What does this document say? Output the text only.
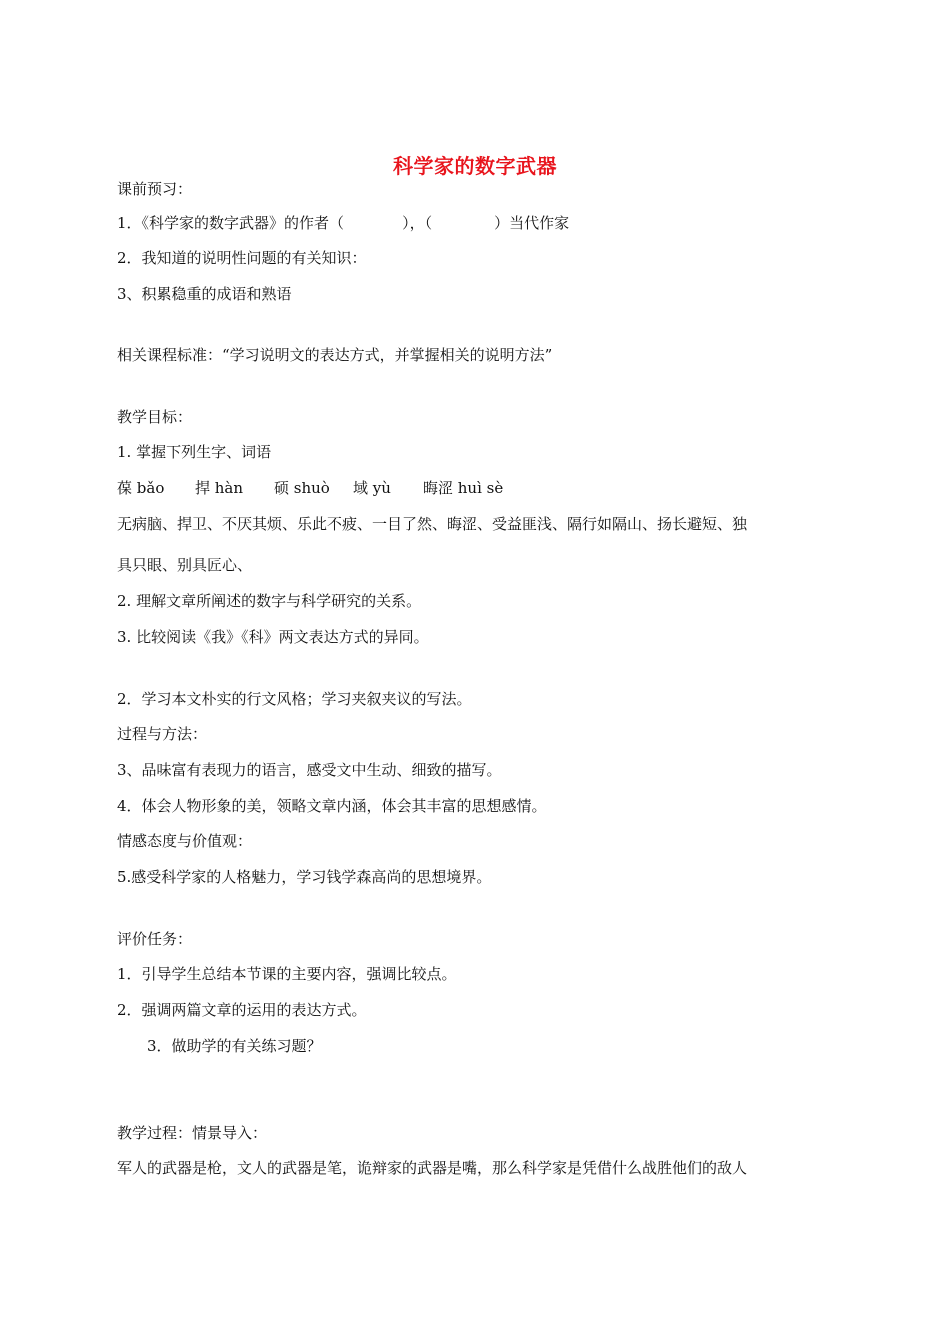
科学家的数字武器
课前预习：
1．《科学家的数字武器》的作者（	），（	）当代作家
2．我知道的说明性问题的有关知识：
3、积累稳重的成语和熟语
相关课程标准：“学习说明文的表达方式，并掌握相关的说明方法”
教学目标：
1. 掌握下列生字、词语
葆 bǎo 捍 hàn 硕 shuò 域 yù 晦涩 huì sè
无病脑、捍卫、不厌其烦、乐此不疲、一目了然、晦涩、受益匪浅、隔行如隔山、扬长避短、独
具只眼、别具匠心、
2. 理解文章所阐述的数字与科学研究的关系。
3. 比较阅读《我》《科》两文表达方式的异同。
2．学习本文朴实的行文风格；学习夹叙夹议的写法。
过程与方法：
3、品味富有表现力的语言，感受文中生动、细致的描写。
4．体会人物形象的美，领略文章内涵，体会其丰富的思想感情。
情感态度与价值观：
5.感受科学家的人格魅力，学习钱学森高尚的思想境界。
评价任务：
1．引导学生总结本节课的主要内容，强调比较点。
2．强调两篇文章的运用的表达方式。
3．做助学的有关练习题？
教学过程：情景导入：
军人的武器是枪，文人的武器是笔，诡辩家的武器是嘴，那么科学家是凭借什么战胜他们的敌人
